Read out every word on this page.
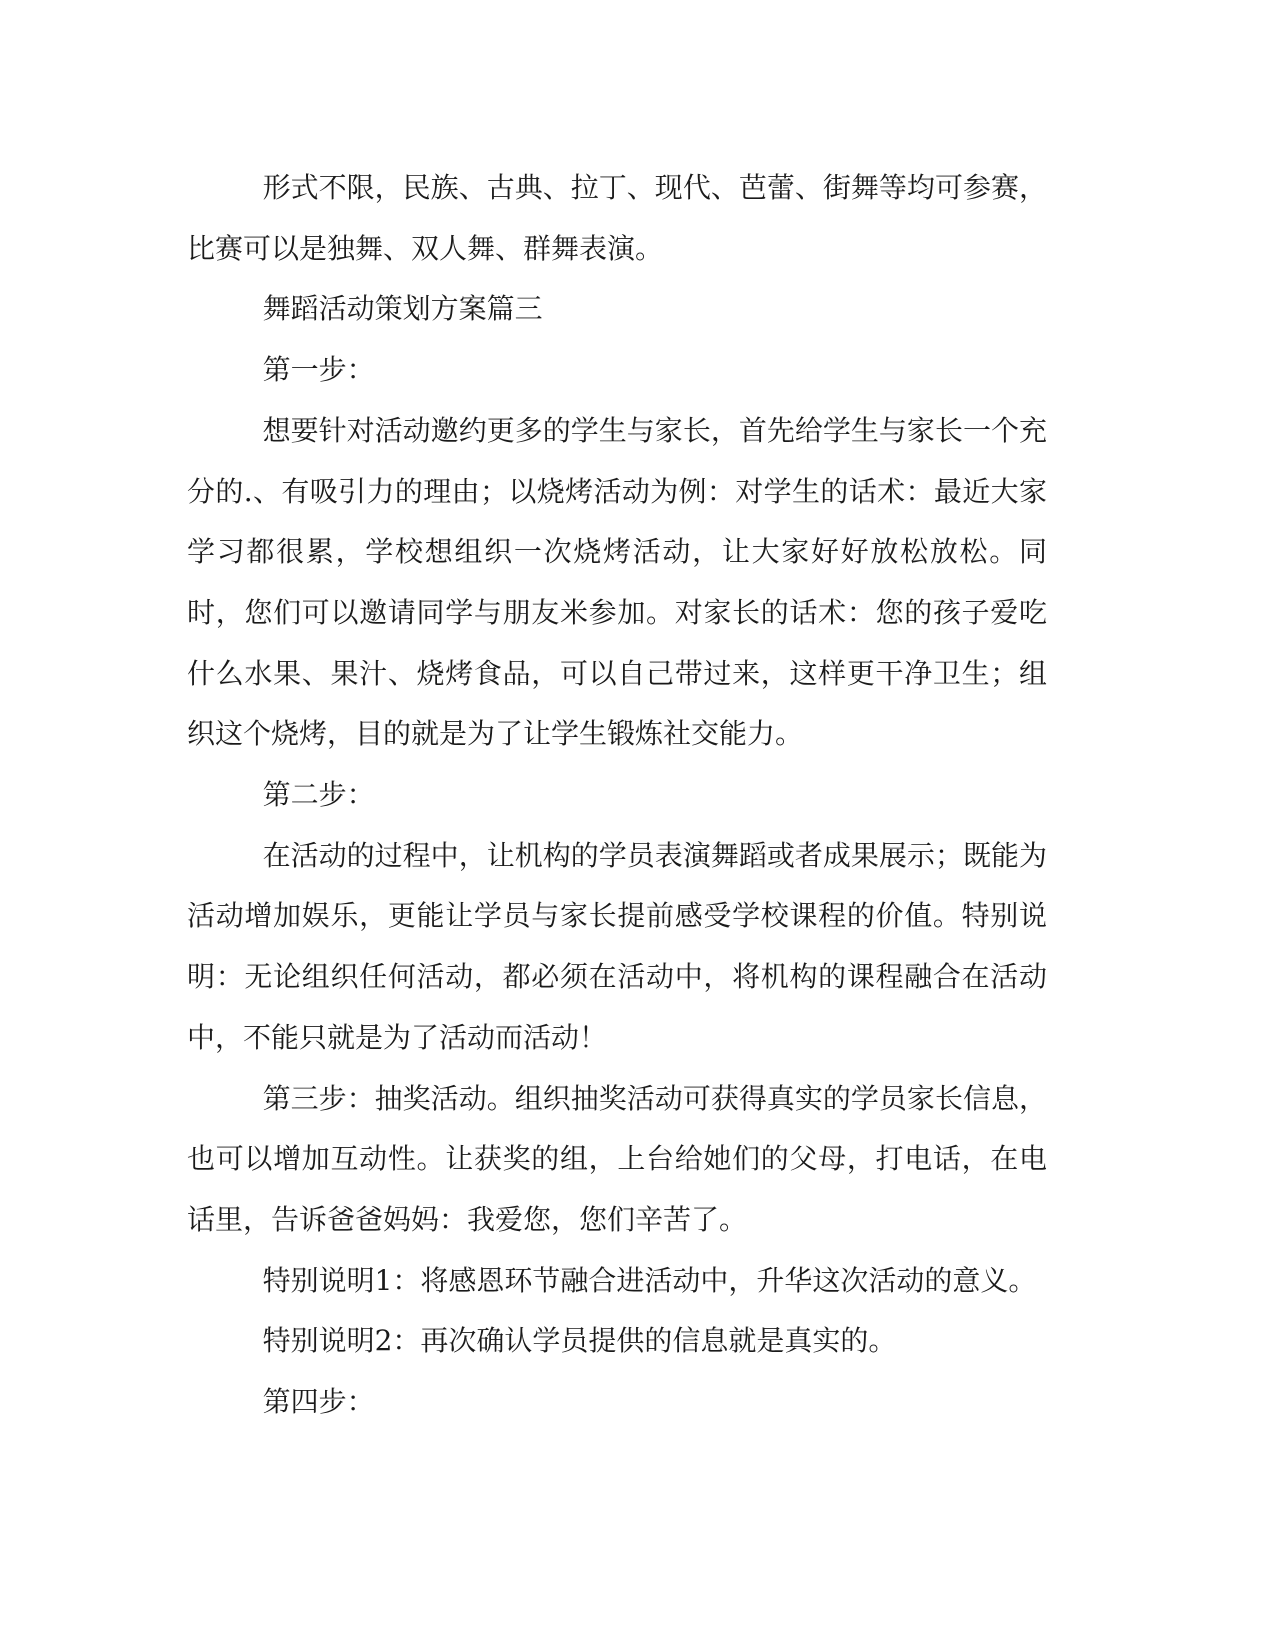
形式不限，民族、古典、拉丁、现代、芭蕾、街舞等均可参赛，比赛可以是独舞、双人舞、群舞表演。

舞蹈活动策划方案篇三

第一步：

想要针对活动邀约更多的学生与家长，首先给学生与家长一个充分的.、有吸引力的理由；以烧烤活动为例：对学生的话术：最近大家学习都很累，学校想组织一次烧烤活动，让大家好好放松放松。同时，您们可以邀请同学与朋友米参加。对家长的话术：您的孩子爱吃什么水果、果汁、烧烤食品，可以自己带过来，这样更干净卫生；组织这个烧烤，目的就是为了让学生锻炼社交能力。

第二步：

在活动的过程中，让机构的学员表演舞蹈或者成果展示；既能为活动增加娱乐，更能让学员与家长提前感受学校课程的价值。特别说明：无论组织任何活动，都必须在活动中，将机构的课程融合在活动中，不能只就是为了活动而活动！

第三步：抽奖活动。组织抽奖活动可获得真实的学员家长信息，也可以增加互动性。让获奖的组，上台给她们的父母，打电话，在电话里，告诉爸爸妈妈：我爱您，您们辛苦了。

特别说明1：将感恩环节融合进活动中，升华这次活动的意义。

特别说明2：再次确认学员提供的信息就是真实的。

第四步：
